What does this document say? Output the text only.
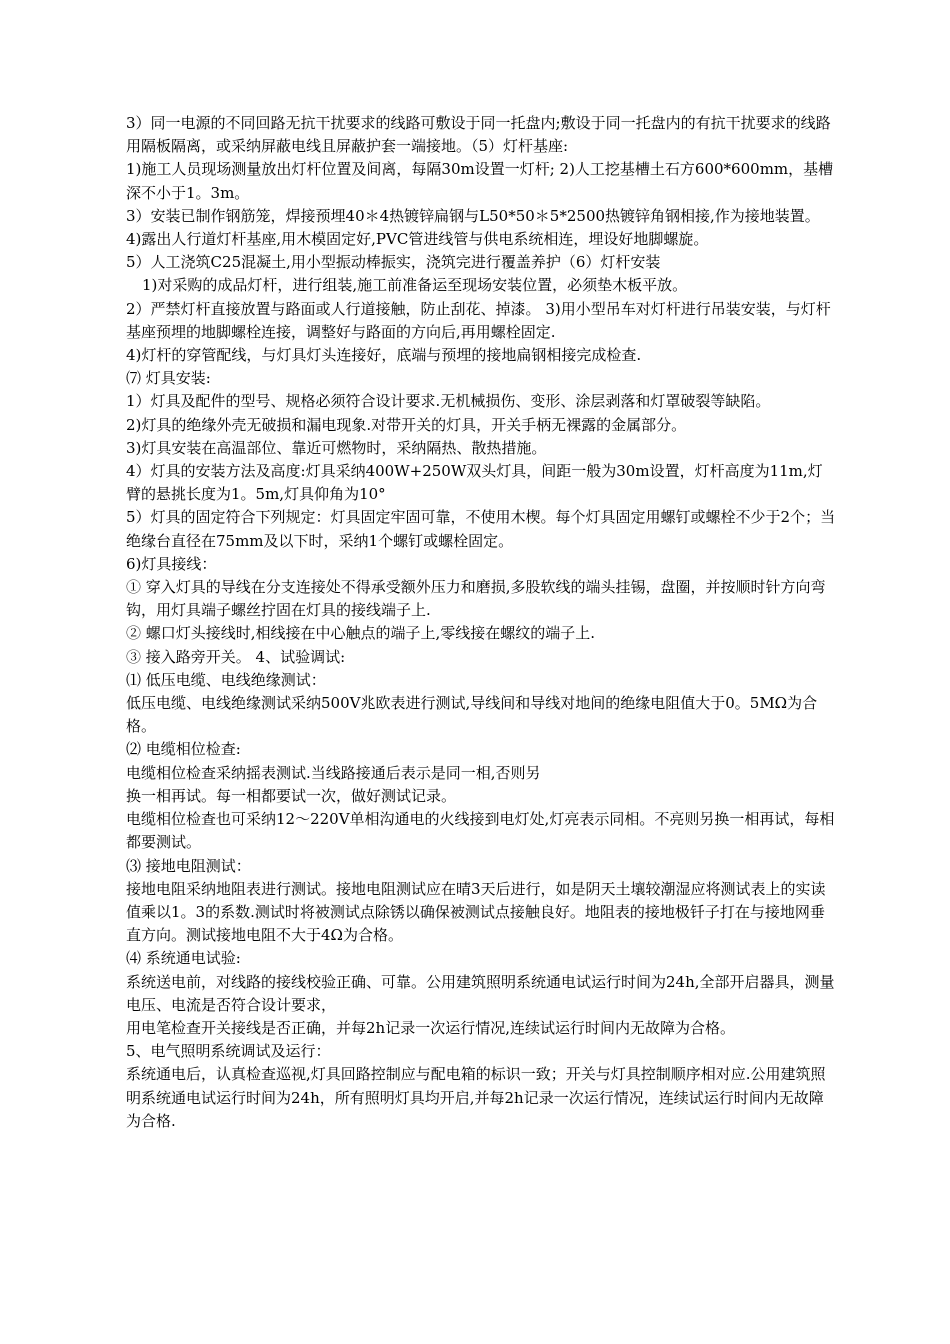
3）同一电源的不同回路无抗干扰要求的线路可敷设于同一托盘内;敷设于同一托盘内的有抗干扰要求的线路用隔板隔离，或采纳屏蔽电线且屏蔽护套一端接地。（5）灯杆基座:

1)施工人员现场测量放出灯杆位置及间离，每隔30m设置一灯杆; 2)人工挖基槽土石方600*600mm，基槽深不小于1。3m。

3）安装已制作钢筋笼，焊接预埋40＊4热镀锌扁钢与L50*50＊5*2500热镀锌角钢相接,作为接地装置。

4)露出人行道灯杆基座,用木模固定好,PVC管进线管与供电系统相连，埋设好地脚螺旋。

5）人工浇筑C25混凝土,用小型振动棒振实，浇筑完进行覆盖养护（6）灯杆安装

1)对采购的成品灯杆，进行组装,施工前准备运至现场安装位置，必须垫木板平放。

2）严禁灯杆直接放置与路面或人行道接触，防止刮花、掉漆。 3)用小型吊车对灯杆进行吊装安装，与灯杆基座预埋的地脚螺栓连接，调整好与路面的方向后,再用螺栓固定.

4)灯杆的穿管配线，与灯具灯头连接好，底端与预埋的接地扁钢相接完成检查.

⑺ 灯具安装:

1）灯具及配件的型号、规格必须符合设计要求.无机械损伤、变形、涂层剥落和灯罩破裂等缺陷。

2)灯具的绝缘外壳无破损和漏电现象.对带开关的灯具，开关手柄无裸露的金属部分。

3)灯具安装在高温部位、靠近可燃物时，采纳隔热、散热措施。

4）灯具的安装方法及高度:灯具采纳400W+250W双头灯具，间距一般为30m设置，灯杆高度为11m,灯臂的悬挑长度为1。5m,灯具仰角为10°

5）灯具的固定符合下列规定：灯具固定牢固可靠，不使用木楔。每个灯具固定用螺钉或螺栓不少于2个；当绝缘台直径在75mm及以下时，采纳1个螺钉或螺栓固定。

6)灯具接线：

① 穿入灯具的导线在分支连接处不得承受额外压力和磨损,多股软线的端头挂锡，盘圈，并按顺时针方向弯钩，用灯具端子螺丝拧固在灯具的接线端子上.

② 螺口灯头接线时,相线接在中心触点的端子上,零线接在螺纹的端子上.

③ 接入路旁开关。 4、试验调试:

⑴ 低压电缆、电线绝缘测试：

低压电缆、电线绝缘测试采纳500V兆欧表进行测试,导线间和导线对地间的绝缘电阻值大于0。5MΩ为合格。

⑵ 电缆相位检查:

电缆相位检查采纳摇表测试.当线路接通后表示是同一相,否则另

换一相再试。每一相都要试一次，做好测试记录。

电缆相位检查也可采纳12～220V单相沟通电的火线接到电灯处,灯亮表示同相。不亮则另换一相再试，每相都要测试。

⑶ 接地电阻测试：

接地电阻采纳地阻表进行测试。接地电阻测试应在晴3天后进行，如是阴天土壤较潮湿应将测试表上的实读值乘以1。3的系数.测试时将被测试点除锈以确保被测试点接触良好。地阻表的接地极钎子打在与接地网垂直方向。测试接地电阻不大于4Ω为合格。

⑷ 系统通电试验:

系统送电前，对线路的接线校验正确、可靠。公用建筑照明系统通电试运行时间为24h,全部开启器具，测量电压、电流是否符合设计要求，

用电笔检查开关接线是否正确，并每2h记录一次运行情况,连续试运行时间内无故障为合格。

5、电气照明系统调试及运行：

系统通电后，认真检查巡视,灯具回路控制应与配电箱的标识一致；开关与灯具控制顺序相对应.公用建筑照明系统通电试运行时间为24h，所有照明灯具均开启,并每2h记录一次运行情况，连续试运行时间内无故障为合格.
